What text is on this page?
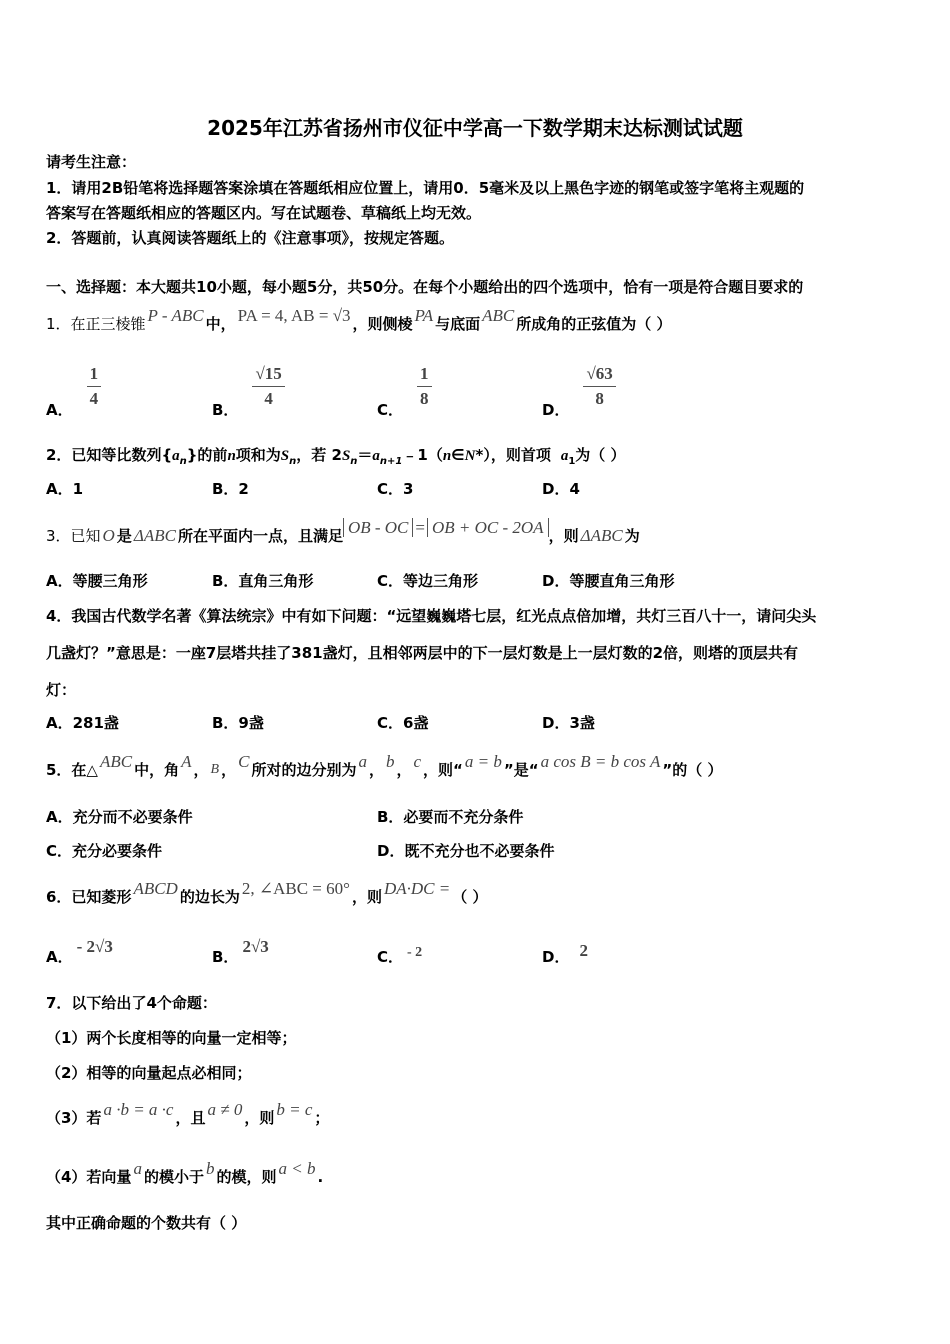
2025年江苏省扬州市仪征中学高一下数学期末达标测试试题
请考生注意：
1．请用2B铅笔将选择题答案涂填在答题纸相应位置上，请用0．5毫米及以上黑色字迹的钢笔或签字笔将主观题的
答案写在答题纸相应的答题区内。写在试题卷、草稿纸上均无效。
2．答题前，认真阅读答题纸上的《注意事项》，按规定答题。
一、选择题：本大题共10小题，每小题5分，共50分。在每个小题给出的四个选项中，恰有一项是符合题目要求的
1．在正三棱锥 P - ABC 中， PA = 4, AB = √3 ，则侧棱 PA 与底面 ABC 所成角的正弦值为（ ）
A．
$\frac{1}{4}$
B．
$\frac{√15}{4}$
C．
$\frac{1}{8}$
D．
$\frac{√63}{8}$
2．已知等比数列$\{a_n\}$的前n项和为$S_n$，若 $2S_n=a_{n+1}﹣1(n\in N*)$，则首项 $a_1$为（ ）
A．1	B．2	C．3	D．4
3．已知 O 是 ΔABC 所在平面内一点，且满足 OB - OC = OB + OC - 2OA ，则 ΔABC 为
A．等腰三角形	B．直角三角形	C．等边三角形	D．等腰直角三角形
4．我国古代数学名著《算法统宗》中有如下问题：“远望巍巍塔七层，红光点点倍加增，共灯三百八十一，请问尖头
几盏灯？”意思是：一座7层塔共挂了381盏灯，且相邻两层中的下一层灯数是上一层灯数的2倍，则塔的顶层共有
灯：
A．281盏	B．9盏	C．6盏	D．3盏
5．在△ ABC 中，角 A ， B ， C 所对的边分别为 a ， b ， c ，则“ a = b ”是“ a cos B = b cos A ”的（ ）
A．充分而不必要条件	B．必要而不充分条件
C．充分必要条件	D．既不充分也不必要条件
6．已知菱形 ABCD 的边长为 2, ∠ABC = 60° ，则 DA·DC = （ ）
A．- 2√3
B．2√3
C． - 2	D． 2
7．以下给出了4个命题：
（1）两个长度相等的向量一定相等；
（2）相等的向量起点必相同；
（3）若 a ·b = a ·c ，且 a ≠ 0 ，则 b = c ；
（4）若向量 a 的模小于 b 的模，则 a < b .
其中正确命题的个数共有（ ）
